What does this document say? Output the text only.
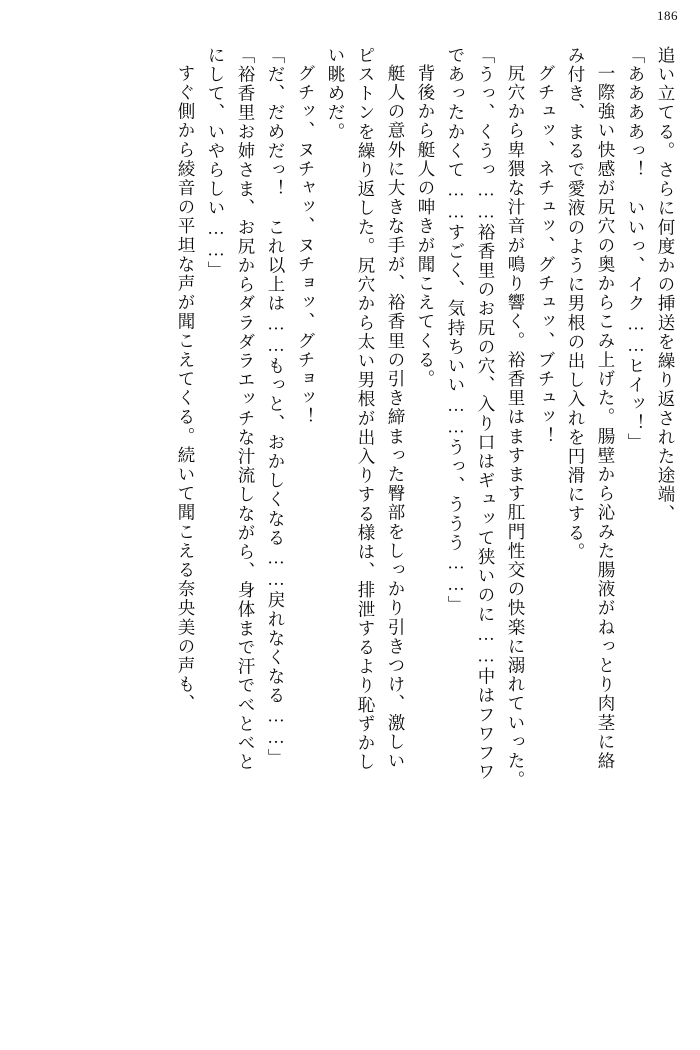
186
追い立てる。さらに何度かの挿送を繰り返された途端、
「ああああっ！　いいっ、イク……ヒイッ！」
一際強い快感が尻穴の奥からこみ上げた。腸壁から沁みた腸液がねっとり肉茎に絡
み付き、まるで愛液のように男根の出し入れを円滑にする。
グチュッ、ネチュッ、グチュッ、ブチュッ！
尻穴から卑猥な汁音が鳴り響く。裕香里はますます肛門性交の快楽に溺れていった。
「うっ、くうっ……裕香里のお尻の穴、入り口はギュッて狭いのに……中はフワフワ
であったかくて……すごく、気持ちいい……うっ、ううう……」
背後から艇人の呻きが聞こえてくる。
艇人の意外に大きな手が、裕香里の引き締まった臀部をしっかり引きつけ、激しい
ピストンを繰り返した。尻穴から太い男根が出入りする様は、排泄するより恥ずかし
い眺めだ。
グチッ、ヌチャッ、ヌチョッ、グチョッ！
「だ、だめだっ！　これ以上は……もっと、おかしくなる……戻れなくなる……」
「裕香里お姉さま、お尻からダラダラエッチな汁流しながら、身体まで汗でべとべと
にして、いやらしい……」
すぐ側から綾音の平坦な声が聞こえてくる。続いて聞こえる奈央美の声も、
